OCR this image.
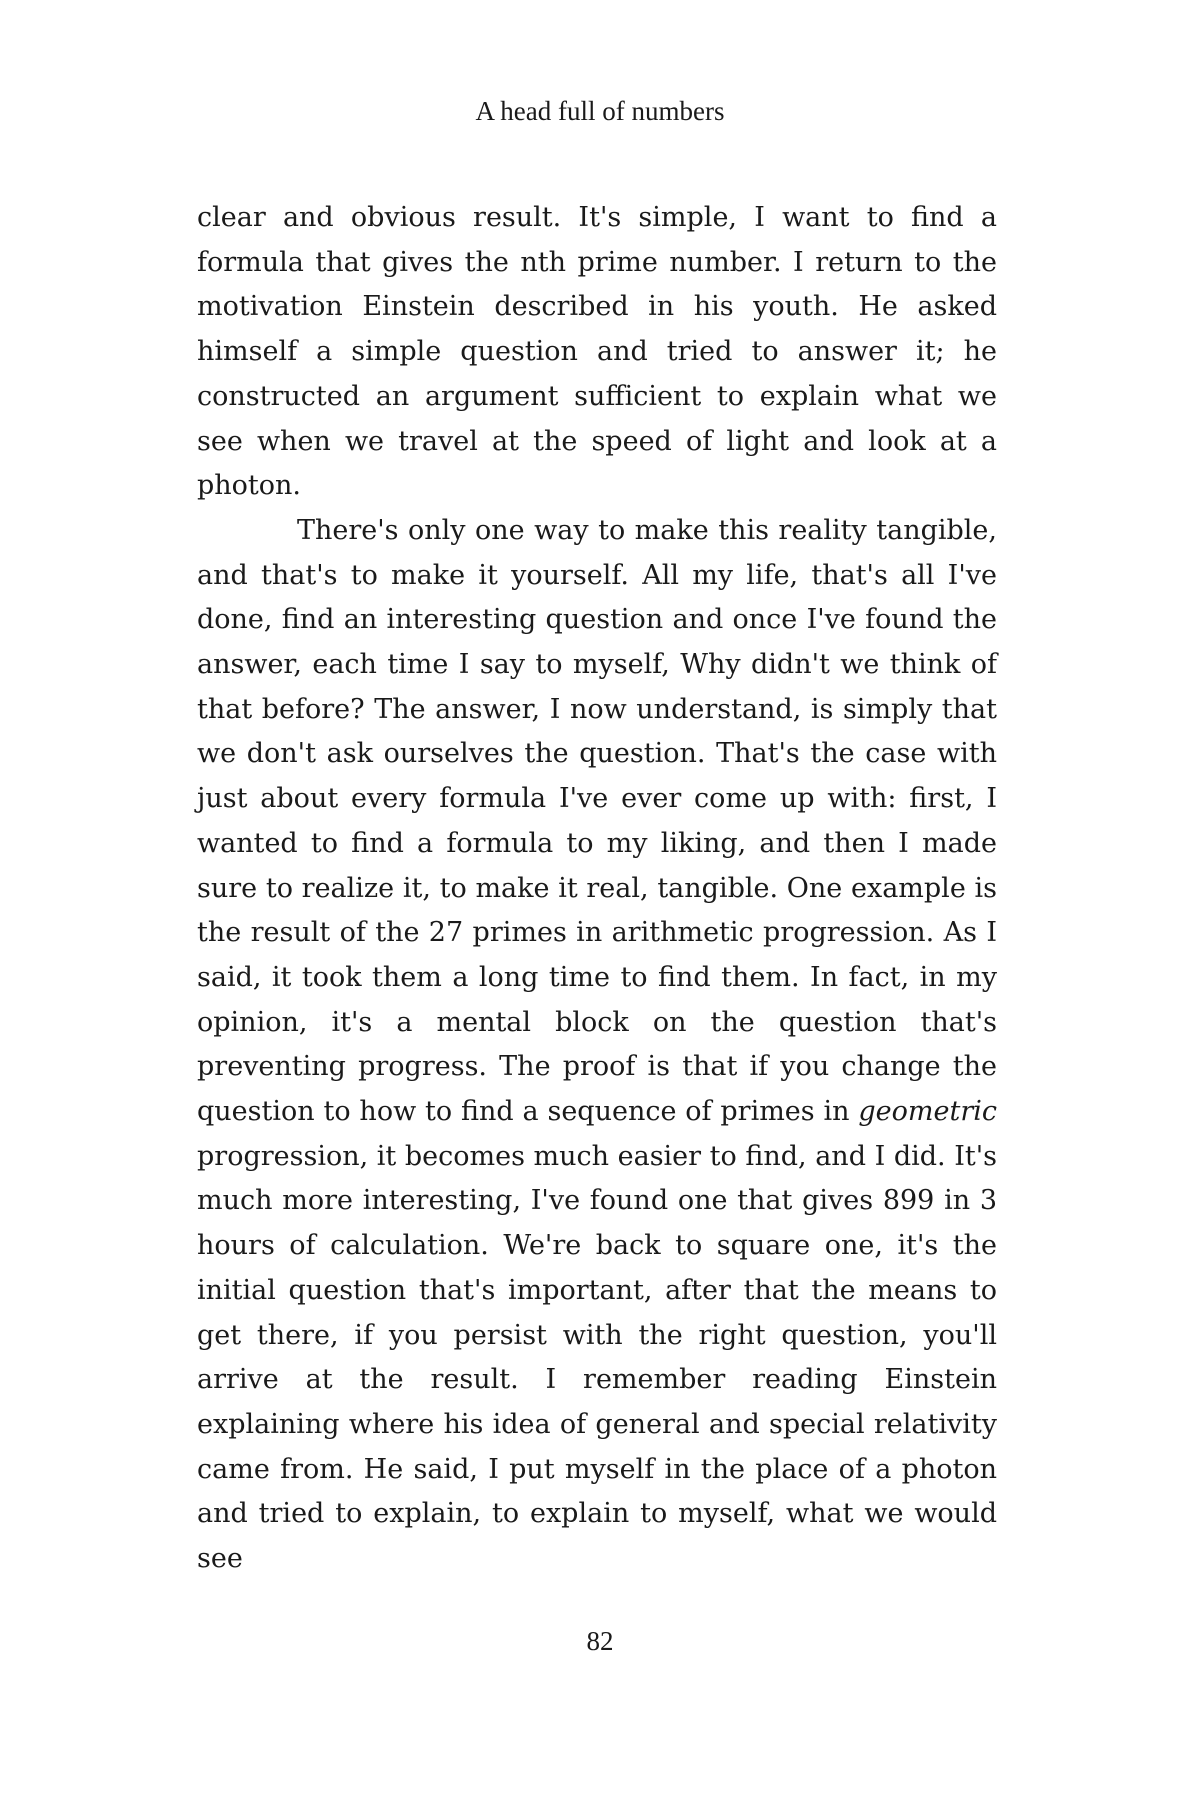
A head full of numbers

clear and obvious result. It's simple, I want to find a formula that gives the nth prime number. I return to the motivation Einstein described in his youth. He asked himself a simple question and tried to answer it; he constructed an argument sufficient to explain what we see when we travel at the speed of light and look at a photon.

There's only one way to make this reality tangible, and that's to make it yourself. All my life, that's all I've done, find an interesting question and once I've found the answer, each time I say to myself, Why didn't we think of that before? The answer, I now understand, is simply that we don't ask ourselves the question. That's the case with just about every formula I've ever come up with: first, I wanted to find a formula to my liking, and then I made sure to realize it, to make it real, tangible. One example is the result of the 27 primes in arithmetic progression. As I said, it took them a long time to find them. In fact, in my opinion, it's a mental block on the question that's preventing progress. The proof is that if you change the question to how to find a sequence of primes in geometric progression, it becomes much easier to find, and I did. It's much more interesting, I've found one that gives 899 in 3 hours of calculation. We're back to square one, it's the initial question that's important, after that the means to get there, if you persist with the right question, you'll arrive at the result. I remember reading Einstein explaining where his idea of general and special relativity came from. He said, I put myself in the place of a photon and tried to explain, to explain to myself, what we would see

82
